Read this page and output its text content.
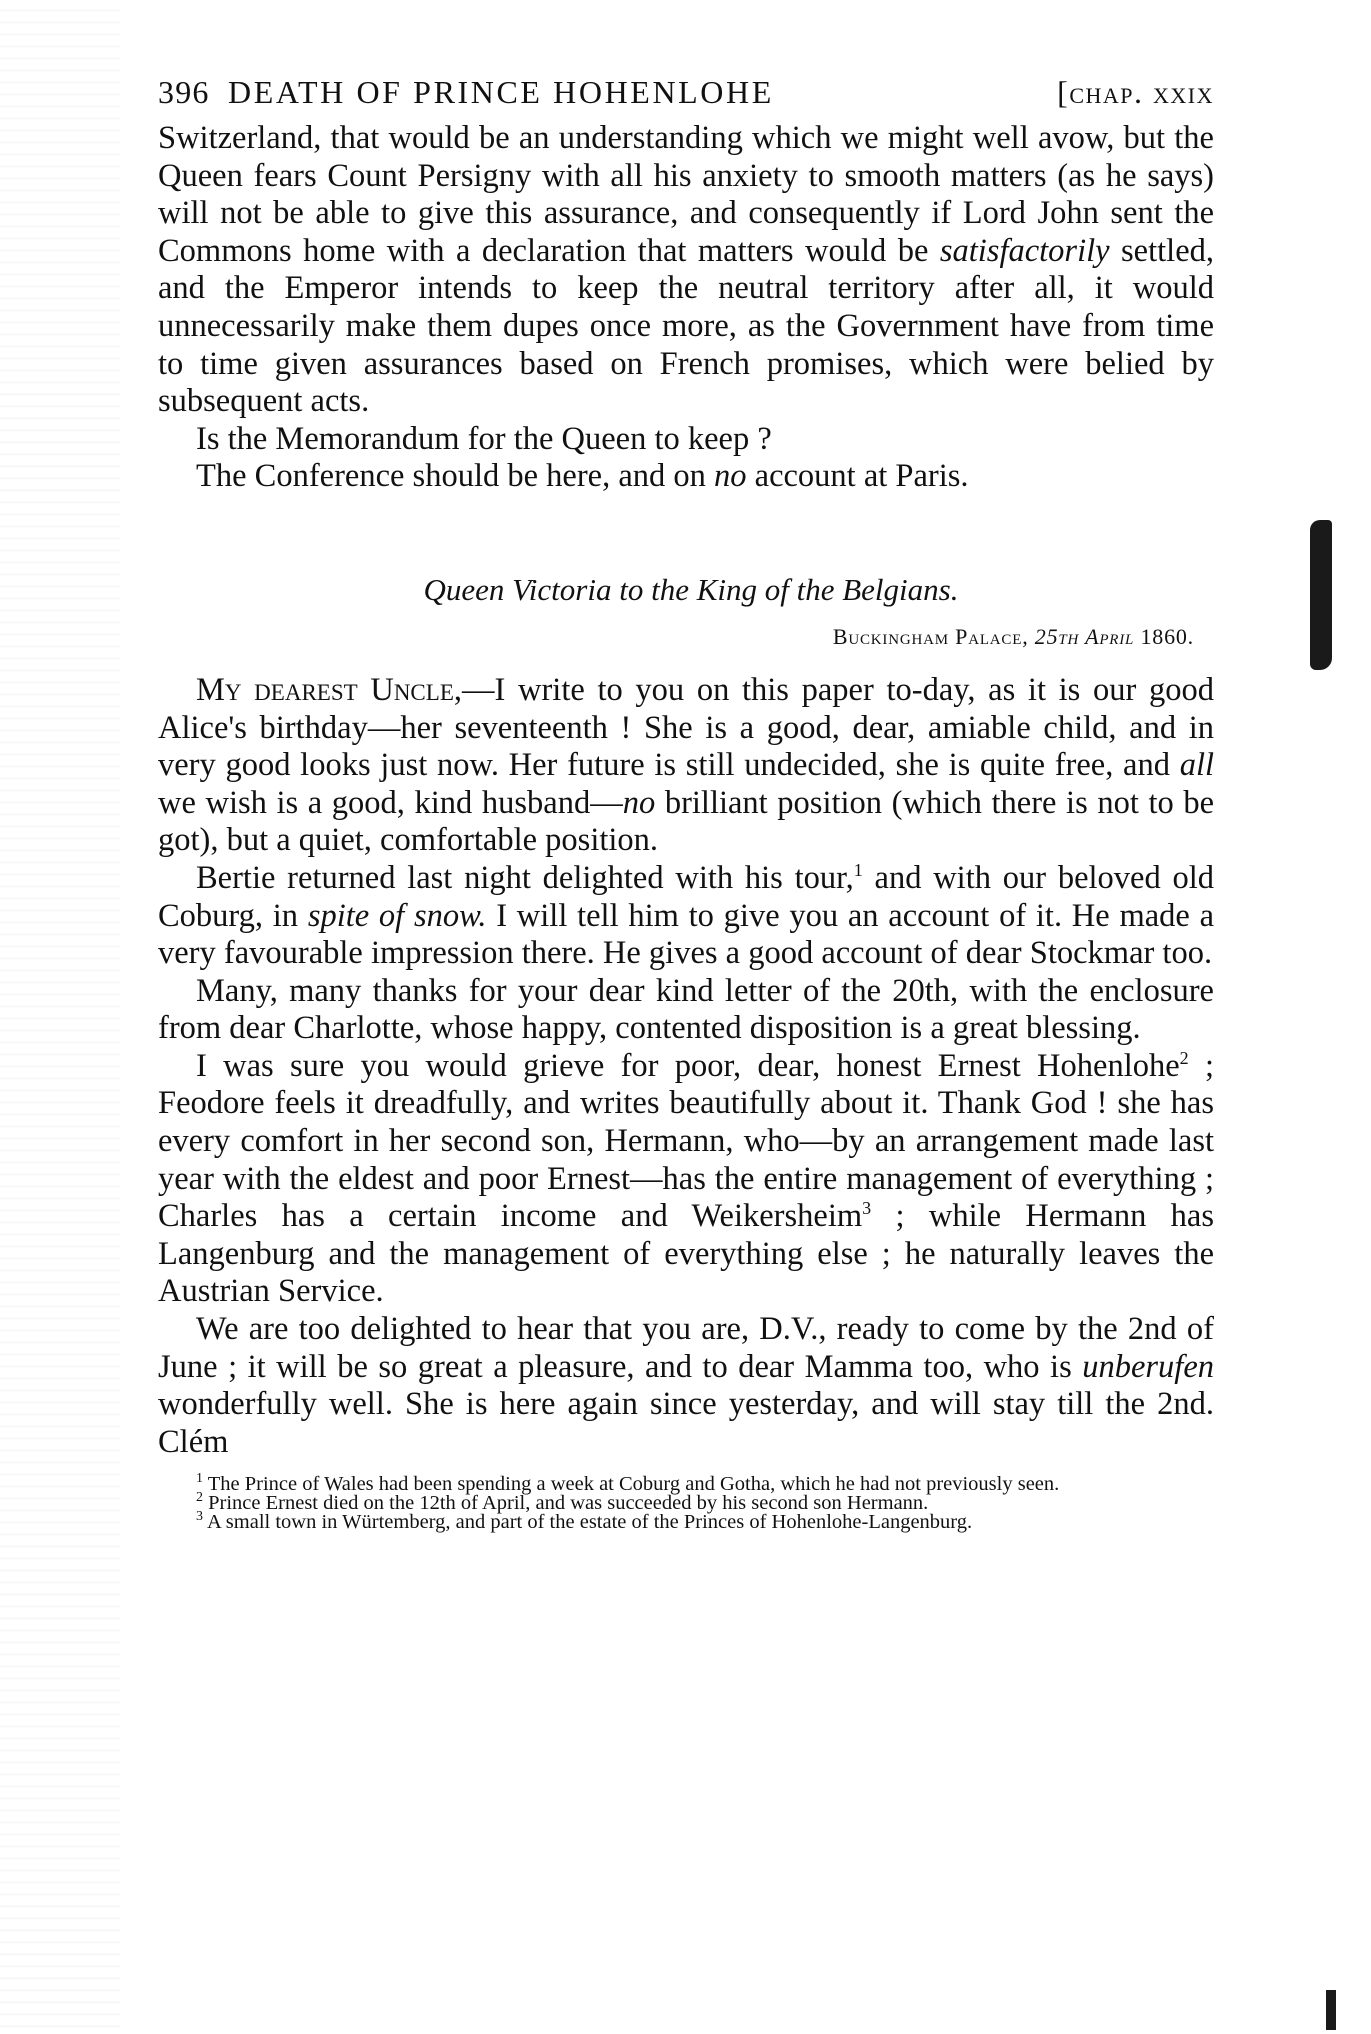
396 DEATH OF PRINCE HOHENLOHE	[chap. xxix

Switzerland, that would be an understanding which we might well avow, but the Queen fears Count Persigny with all his anxiety to smooth matters (as he says) will not be able to give this assurance, and consequently if Lord John sent the Commons home with a declaration that matters would be satisfactorily settled, and the Emperor intends to keep the neutral territory after all, it would unnecessarily make them dupes once more, as the Government have from time to time given assurances based on French promises, which were belied by subsequent acts.

Is the Memorandum for the Queen to keep ?

The Conference should be here, and on no account at Paris.

Queen Victoria to the King of the Belgians.
Buckingham Palace, 25th April 1860.

My dearest Uncle,—I write to you on this paper to-day, as it is our good Alice's birthday—her seventeenth ! She is a good, dear, amiable child, and in very good looks just now. Her future is still undecided, she is quite free, and all we wish is a good, kind husband—no brilliant position (which there is not to be got), but a quiet, comfortable position.

Bertie returned last night delighted with his tour,$^1$ and with our beloved old Coburg, in spite of snow. I will tell him to give you an account of it. He made a very favourable impression there. He gives a good account of dear Stockmar too.

Many, many thanks for your dear kind letter of the 20th, with the enclosure from dear Charlotte, whose happy, contented disposition is a great blessing.

I was sure you would grieve for poor, dear, honest Ernest Hohenlohe$^2$ ; Feodore feels it dreadfully, and writes beautifully about it. Thank God ! she has every comfort in her second son, Hermann, who—by an arrangement made last year with the eldest and poor Ernest—has the entire management of everything ; Charles has a certain income and Weikersheim$^3$ ; while Hermann has Langenburg and the management of everything else ; he naturally leaves the Austrian Service.

We are too delighted to hear that you are, D.V., ready to come by the 2nd of June ; it will be so great a pleasure, and to dear Mamma too, who is unberufen wonderfully well. She is here again since yesterday, and will stay till the 2nd. Clém

$^1$ The Prince of Wales had been spending a week at Coburg and Gotha, which he had not previously seen.

$^2$ Prince Ernest died on the 12th of April, and was succeeded by his second son Hermann.

$^3$ A small town in Würtemberg, and part of the estate of the Princes of Hohenlohe-Langenburg.
